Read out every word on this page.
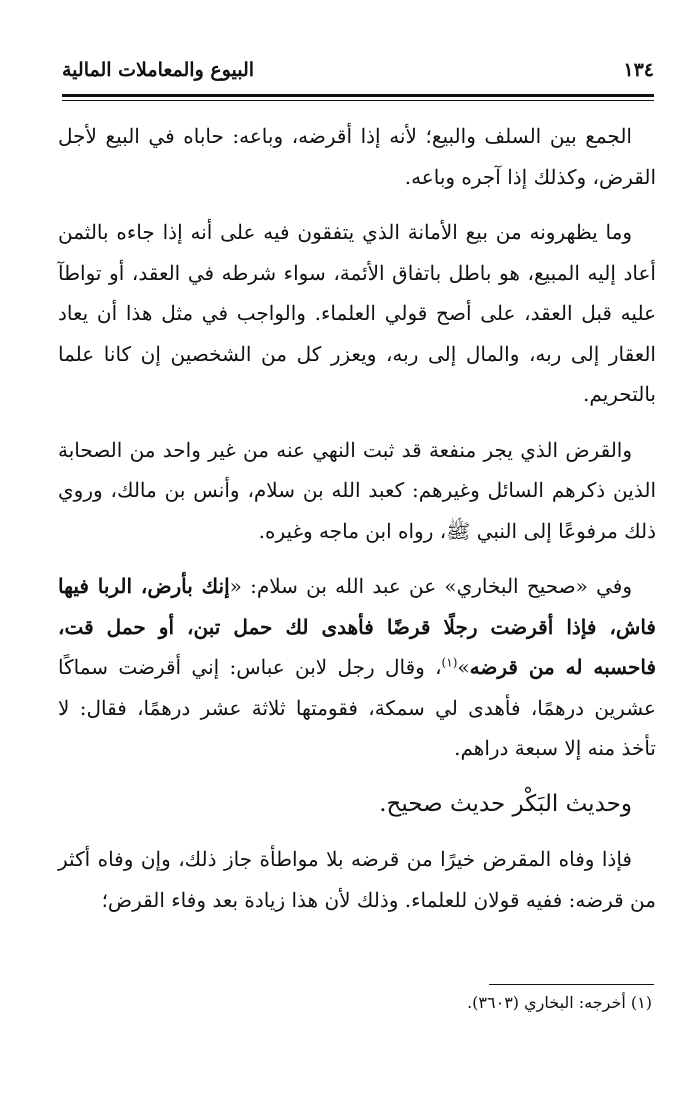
١٣٤
البيوع والمعاملات المالية

الجمع بين السلف والبيع؛ لأنه إذا أقرضه، وباعه: حاباه في البيع لأجل القرض، وكذلك إذا آجره وباعه.

وما يظهرونه من بيع الأمانة الذي يتفقون فيه على أنه إذا جاءه بالثمن أعاد إليه المبيع، هو باطل باتفاق الأئمة، سواء شرطه في العقد، أو تواطآ عليه قبل العقد، على أصح قولي العلماء. والواجب في مثل هذا أن يعاد العقار إلى ربه، والمال إلى ربه، ويعزر كل من الشخصين إن كانا علما بالتحريم.

والقرض الذي يجر منفعة قد ثبت النهي عنه من غير واحد من الصحابة الذين ذكرهم السائل وغيرهم: كعبد الله بن سلام، وأنس بن مالك، وروي ذلك مرفوعًا إلى النبي ﷺ، رواه ابن ماجه وغيره.

وفي «صحيح البخاري» عن عبد الله بن سلام: «إنك بأرض، الربا فيها فاش، فإذا أقرضت رجلًا قرضًا فأهدى لك حمل تبن، أو حمل قت، فاحسبه له من قرضه»$^{(١)}$، وقال رجل لابن عباس: إني أقرضت سماكًا عشرين درهمًا، فأهدى لي سمكة، فقومتها ثلاثة عشر درهمًا، فقال: لا تأخذ منه إلا سبعة دراهم.

وحديث البَكْر حديث صحيح.

فإذا وفاه المقرض خيرًا من قرضه بلا مواطأة جاز ذلك، وإن وفاه أكثر من قرضه: ففيه قولان للعلماء. وذلك لأن هذا زيادة بعد وفاء القرض؛

(١) أخرجه: البخاري (٣٦٠٣).
